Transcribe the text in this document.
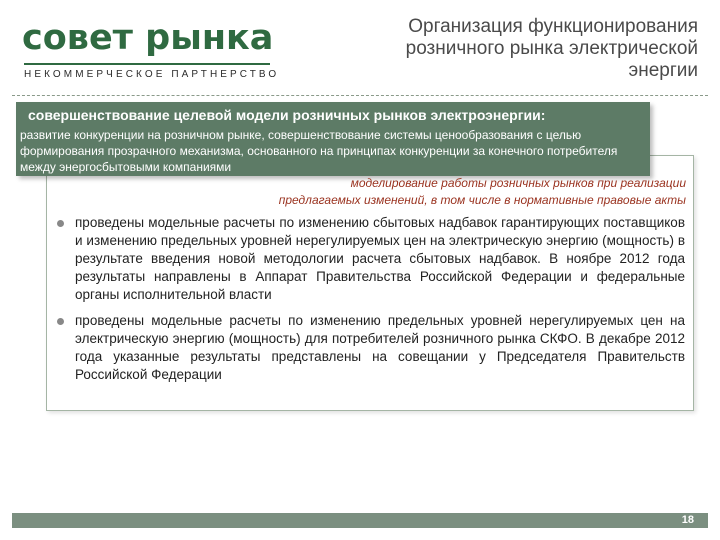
совет рынка
НЕКОММЕРЧЕСКОЕ ПАРТНЕРСТВО
Организация функционирования
розничного рынка электрической
энергии
совершенствование целевой модели розничных рынков электроэнергии:
развитие конкуренции на розничном рынке, совершенствование системы ценообразования с целью формирования прозрачного механизма, основанного на принципах конкуренции за конечного потребителя между энергосбытовыми компаниями
моделирование работы розничных рынков при реализации
предлагаемых изменений, в том числе в нормативные правовые акты
проведены модельные расчеты по изменению сбытовых надбавок гарантирующих поставщиков и изменению предельных уровней нерегулируемых цен на электрическую энергию (мощность) в результате введения новой методологии расчета сбытовых надбавок. В ноябре 2012 года результаты направлены в Аппарат Правительства Российской Федерации и федеральные органы исполнительной власти
проведены модельные расчеты по изменению предельных уровней нерегулируемых цен на электрическую энергию (мощность) для потребителей розничного рынка СКФО. В декабре 2012 года указанные результаты представлены на совещании у Председателя Правительств Российской Федерации
18
